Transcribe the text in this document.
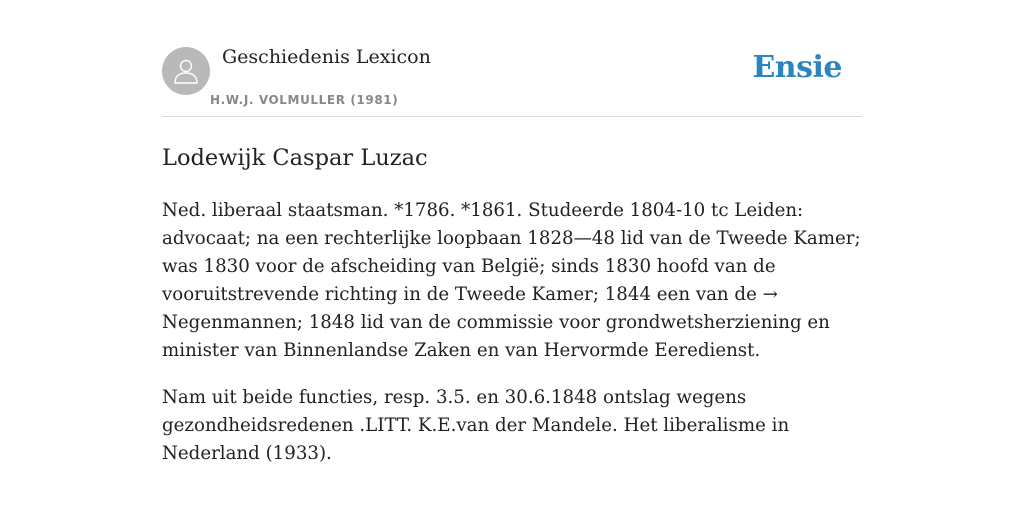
Geschiedenis Lexicon
H.W.J. VOLMULLER (1981)
Ensie
Lodewijk Caspar Luzac

Ned. liberaal staatsman. *1786. *1861. Studeerde 1804-10 tc Leiden: advocaat; na een rechterlijke loopbaan 1828—48 lid van de Tweede Kamer; was 1830 voor de afscheiding van België; sinds 1830 hoofd van de vooruitstrevende richting in de Tweede Kamer; 1844 een van de → Negenmannen; 1848 lid van de commissie voor grondwetsherziening en minister van Binnenlandse Zaken en van Hervormde Eeredienst.

Nam uit beide functies, resp. 3.5. en 30.6.1848 ontslag wegens gezondheidsredenen .LITT. K.E.van der Mandele. Het liberalisme in Nederland (1933).
